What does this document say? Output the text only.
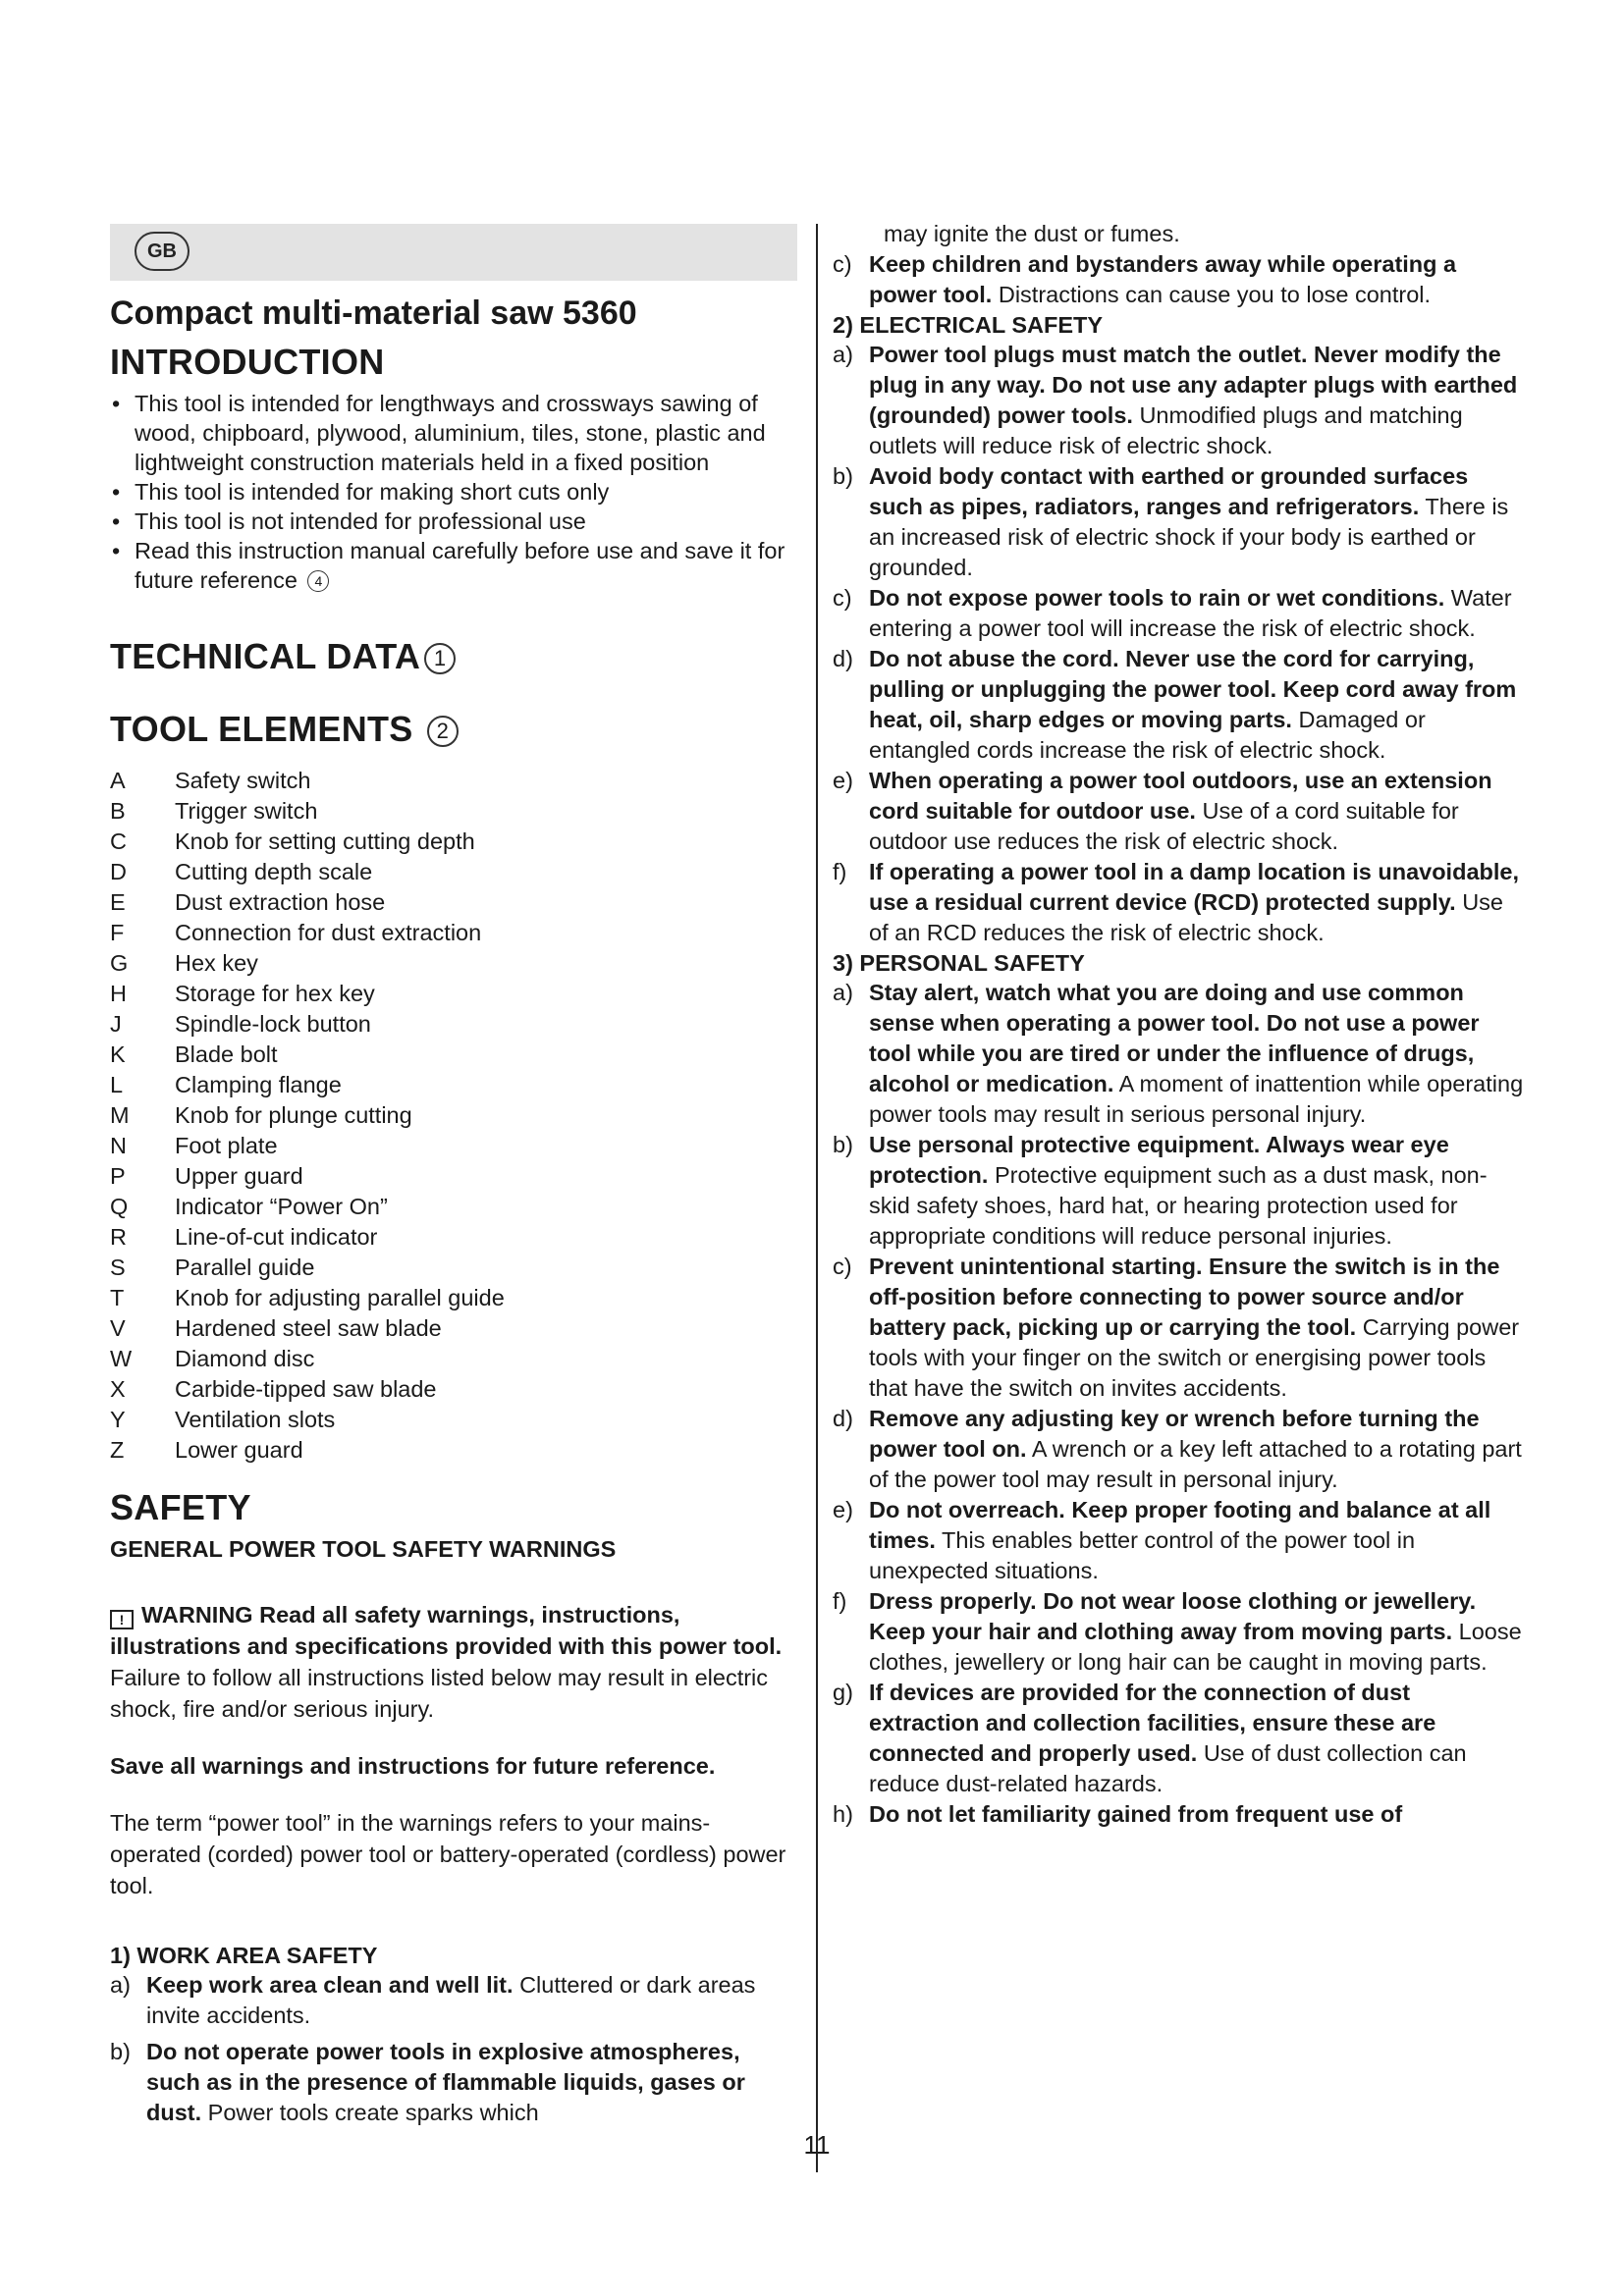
GB
Compact multi-material saw 5360
INTRODUCTION
• This tool is intended for lengthways and crossways sawing of wood, chipboard, plywood, aluminium, tiles, stone, plastic and lightweight construction materials held in a fixed position
• This tool is intended for making short cuts only
• This tool is not intended for professional use
• Read this instruction manual carefully before use and save it for future reference 4
TECHNICAL DATA 1
TOOL ELEMENTS 2
A	Safety switch
B	Trigger switch
C	Knob for setting cutting depth
D	Cutting depth scale
E	Dust extraction hose
F	Connection for dust extraction
G	Hex key
H	Storage for hex key
J	Spindle-lock button
K	Blade bolt
L	Clamping flange
M	Knob for plunge cutting
N	Foot plate
P	Upper guard
Q	Indicator “Power On”
R	Line-of-cut indicator
S	Parallel guide
T	Knob for adjusting parallel guide
V	Hardened steel saw blade
W	Diamond disc
X	Carbide-tipped saw blade
Y	Ventilation slots
Z	Lower guard
SAFETY
GENERAL POWER TOOL SAFETY WARNINGS

! WARNING Read all safety warnings, instructions, illustrations and specifications provided with this power tool. Failure to follow all instructions listed below may result in electric shock, fire and/or serious injury.

Save all warnings and instructions for future reference.

The term “power tool” in the warnings refers to your mains-operated (corded) power tool or battery-operated (cordless) power tool.

1) WORK AREA SAFETY
a) Keep work area clean and well lit. Cluttered or dark areas invite accidents.
b) Do not operate power tools in explosive atmospheres, such as in the presence of flammable liquids, gases or dust. Power tools create sparks which

may ignite the dust or fumes.

c) Keep children and bystanders away while operating a power tool. Distractions can cause you to lose control.
2) ELECTRICAL SAFETY
a) Power tool plugs must match the outlet. Never modify the plug in any way. Do not use any adapter plugs with earthed (grounded) power tools. Unmodified plugs and matching outlets will reduce risk of electric shock.
b) Avoid body contact with earthed or grounded surfaces such as pipes, radiators, ranges and refrigerators. There is an increased risk of electric shock if your body is earthed or grounded.
c) Do not expose power tools to rain or wet conditions. Water entering a power tool will increase the risk of electric shock.
d) Do not abuse the cord. Never use the cord for carrying, pulling or unplugging the power tool. Keep cord away from heat, oil, sharp edges or moving parts. Damaged or entangled cords increase the risk of electric shock.
e) When operating a power tool outdoors, use an extension cord suitable for outdoor use. Use of a cord suitable for outdoor use reduces the risk of electric shock.
f) If operating a power tool in a damp location is unavoidable, use a residual current device (RCD) protected supply. Use of an RCD reduces the risk of electric shock.
3) PERSONAL SAFETY
a) Stay alert, watch what you are doing and use common sense when operating a power tool. Do not use a power tool while you are tired or under the influence of drugs, alcohol or medication. A moment of inattention while operating power tools may result in serious personal injury.
b) Use personal protective equipment. Always wear eye protection. Protective equipment such as a dust mask, non-skid safety shoes, hard hat, or hearing protection used for appropriate conditions will reduce personal injuries.
c) Prevent unintentional starting. Ensure the switch is in the off-position before connecting to power source and/or battery pack, picking up or carrying the tool. Carrying power tools with your finger on the switch or energising power tools that have the switch on invites accidents.
d) Remove any adjusting key or wrench before turning the power tool on. A wrench or a key left attached to a rotating part of the power tool may result in personal injury.
e) Do not overreach. Keep proper footing and balance at all times. This enables better control of the power tool in unexpected situations.
f) Dress properly. Do not wear loose clothing or jewellery. Keep your hair and clothing away from moving parts. Loose clothes, jewellery or long hair can be caught in moving parts.
g) If devices are provided for the connection of dust extraction and collection facilities, ensure these are connected and properly used. Use of dust collection can reduce dust-related hazards.
h) Do not let familiarity gained from frequent use of
11
